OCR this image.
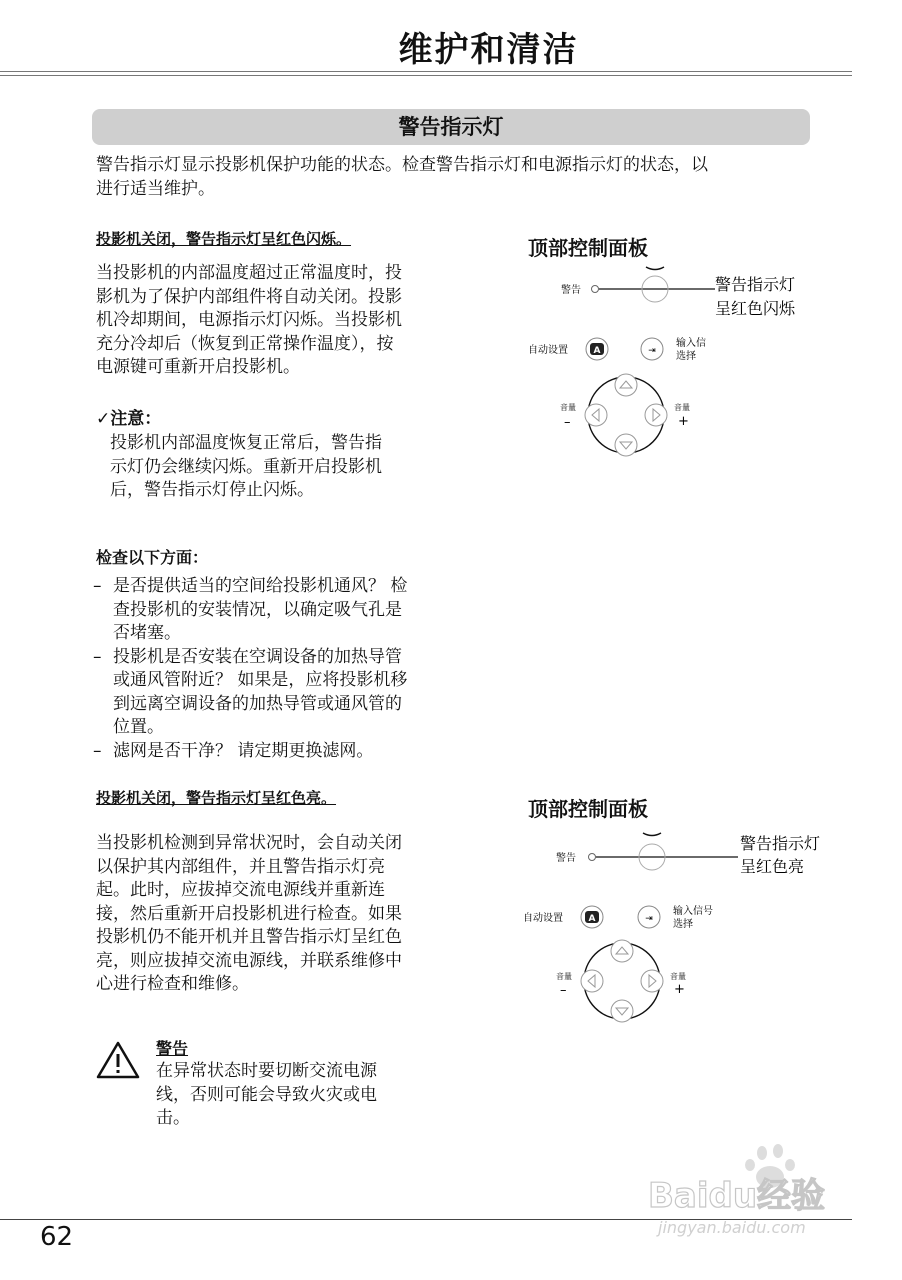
维护和清洁
警告指示灯
警告指示灯显示投影机保护功能的状态。检查警告指示灯和电源指示灯的状态，以
进行适当维护。
投影机关闭，警告指示灯呈红色闪烁。
当投影机的内部温度超过正常温度时，投
影机为了保护内部组件将自动关闭。投影
机冷却期间，电源指示灯闪烁。当投影机
充分冷却后（恢复到正常操作温度），按
电源键可重新开启投影机。
✓注意：
投影机内部温度恢复正常后，警告指
示灯仍会继续闪烁。重新开启投影机
后，警告指示灯停止闪烁。
检查以下方面：
– 是否提供适当的空间给投影机通风？ 检
查投影机的安装情况，以确定吸气孔是
否堵塞。
– 投影机是否安装在空调设备的加热导管
或通风管附近？ 如果是，应将投影机移
到远离空调设备的加热导管或通风管的
位置。
– 滤网是否干净？ 请定期更换滤网。
投影机关闭，警告指示灯呈红色亮。
当投影机检测到异常状况时，会自动关闭
以保护其内部组件，并且警告指示灯亮
起。此时，应拔掉交流电源线并重新连
接，然后重新开启投影机进行检查。如果
投影机仍不能开机并且警告指示灯呈红色
亮，则应拔掉交流电源线，并联系维修中
心进行检查和维修。
警告
在异常状态时要切断交流电源
线，否则可能会导致火灾或电
击。
顶部控制面板
警告	警告指示灯
呈红色闪烁
自动设置	A	⇥
输入信
选择
音量
–
音量
+
顶部控制面板
警告
警告指示灯
呈红色亮
自动设置	A	⇥
输入信号
选择
音量
–
音量
+
62
Baidu经验
jingyan.baidu.com
